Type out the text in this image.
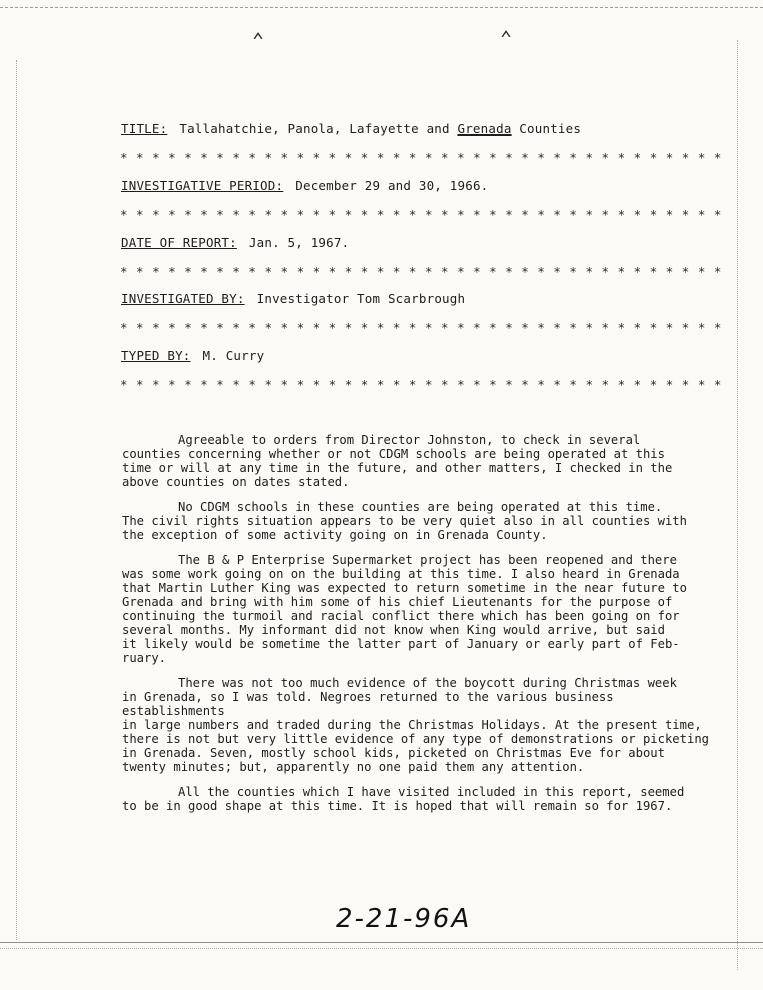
⌃	⌃
TITLE: Tallahatchie, Panola, Lafayette and Grenada Counties
* * * * * * * * * * * * * * * * * * * * * * * * * * * * * * * * * * * * * *
INVESTIGATIVE PERIOD: December 29 and 30, 1966.
* * * * * * * * * * * * * * * * * * * * * * * * * * * * * * * * * * * * * *
DATE OF REPORT: Jan. 5, 1967.
* * * * * * * * * * * * * * * * * * * * * * * * * * * * * * * * * * * * * *
INVESTIGATED BY: Investigator Tom Scarbrough
* * * * * * * * * * * * * * * * * * * * * * * * * * * * * * * * * * * * * *
TYPED BY: M. Curry
* * * * * * * * * * * * * * * * * * * * * * * * * * * * * * * * * * * * * *

Agreeable to orders from Director Johnston, to check in several
counties concerning whether or not CDGM schools are being operated at this
time or will at any time in the future, and other matters, I checked in the
above counties on dates stated.

No CDGM schools in these counties are being operated at this time.
The civil rights situation appears to be very quiet also in all counties with
the exception of some activity going on in Grenada County.

The B & P Enterprise Supermarket project has been reopened and there
was some work going on on the building at this time. I also heard in Grenada
that Martin Luther King was expected to return sometime in the near future to
Grenada and bring with him some of his chief Lieutenants for the purpose of
continuing the turmoil and racial conflict there which has been going on for
several months. My informant did not know when King would arrive, but said
it likely would be sometime the latter part of January or early part of Feb-
ruary.

There was not too much evidence of the boycott during Christmas week
in Grenada, so I was told. Negroes returned to the various business establishments
in large numbers and traded during the Christmas Holidays. At the present time,
there is not but very little evidence of any type of demonstrations or picketing
in Grenada. Seven, mostly school kids, picketed on Christmas Eve for about
twenty minutes; but, apparently no one paid them any attention.

All the counties which I have visited included in this report, seemed
to be in good shape at this time. It is hoped that will remain so for 1967.

2-21-96A
